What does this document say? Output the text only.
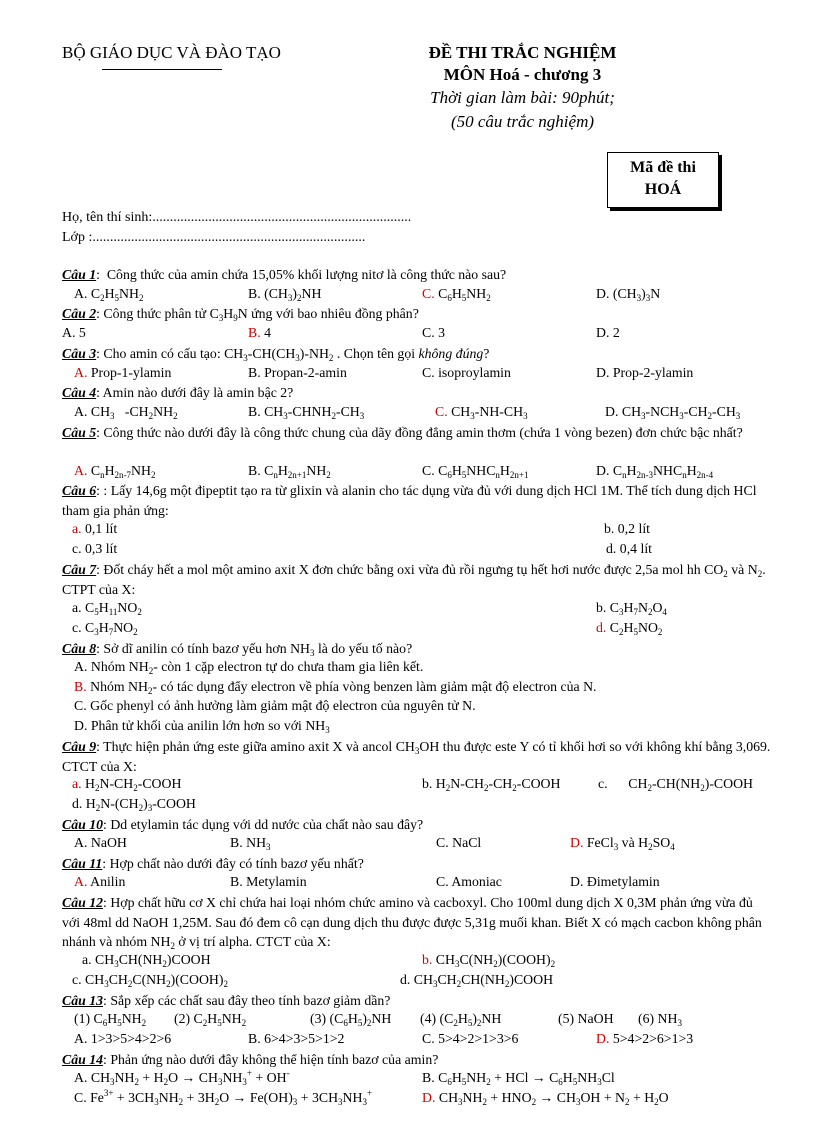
BỘ GIÁO DỤC VÀ ĐÀO TẠO	ĐỀ THI TRẮC NGHIỆM
MÔN Hoá - chương 3
Thời gian làm bài: 90phút;
(50 câu trắc nghiệm)
Mã đề thi
HOÁ
Họ, tên thí sinh:..........................................................................
Lớp :..............................................................................
Câu 1:  Công thức của amin chứa 15,05% khối lượng nitơ là công thức nào sau?
A. $C_2H_5NH_2$	B. $(CH_3)_2NH$	C. $C_6H_5NH_2$	D. $(CH_3)_3N$
Câu 2: Công thức phân tử $C_3H_9N$ ứng với bao nhiêu đồng phân?
A. 5	B. 4	C. 3	D. 2
Câu 3: Cho amin có cấu tạo: $CH_3-CH(CH_3)-NH_2$ . Chọn tên gọi không đúng?
A. Prop-1-ylamin	B. Propan-2-amin	C. isoproylamin	D. Prop-2-ylamin
Câu 4: Amin nào dưới đây là amin bậc 2?
A. $CH_3$   $-CH_2NH_2$	B. $CH_3-CHNH_2-CH_3$	C. $CH_3-NH-CH_3$	D. $CH_3-NCH_3-CH_2-CH_3$
Câu 5: Công thức nào dưới đây là công thức chung của dãy đồng đẳng amin thơm (chứa 1 vòng bezen) đơn chức bậc nhất?
A. $C_nH_{2n-7}NH_2$	B. $C_nH_{2n+1}NH_2$	C. $C_6H_5NHC_nH_{2n+1}$	D. $C_nH_{2n-3}NHC_nH_{2n-4}$
Câu 6: : Lấy 14,6g một đipeptit tạo ra từ glixin và alanin cho tác dụng vừa đủ với dung dịch HCl 1M. Thể tích dung dịch HCl tham gia phản ứng:
a. 0,1 lít	b. 0,2 lít
c. 0,3 lít	d. 0,4 lít
Câu 7: Đốt cháy hết a mol một amino axit X đơn chức bằng oxi vừa đủ rồi ngưng tụ hết hơi nước được 2,5a mol hh $CO_2$ và $N_2$. CTPT của X:
a. $C_5H_{11}NO_2$	b. $C_3H_7N_2O_4$
c. $C_3H_7NO_2$	d. $C_2H_5NO_2$
Câu 8: Sở dĩ anilin có tính bazơ yếu hơn $NH_3$ là do yếu tố nào?
A. Nhóm $NH_2-$ còn 1 cặp electron tự do chưa tham gia liên kết.
B. Nhóm $NH_2-$ có tác dụng đẩy electron về phía vòng benzen làm giảm mật độ electron của N.
C. Gốc phenyl có ảnh hưởng làm giảm mật độ electron của nguyên tử N.
D. Phân tử khối của anilin lớn hơn so với $NH_3$
Câu 9: Thực hiện phản ứng este giữa amino axit X và ancol $CH_3OH$ thu được este Y có tỉ khối hơi so với không khí bằng 3,069. CTCT của X:
a. $H_2N-CH_2$-COOH	b. $H_2N-CH_2-CH_2$-COOH	c.      $CH_2-CH(NH_2)$-COOH
d. $H_2N-(CH_2)_3$-COOH
Câu 10: Dd etylamin tác dụng với dd nước của chất nào sau đây?
A. NaOH	B. $NH_3$	C. NaCl	D. FeCl$_3$ và $H_2SO_4$
Câu 11: Hợp chất nào dưới đây có tính bazơ yếu nhất?
A. Anilin	B. Metylamin	C. Amoniac	D. Đimetylamin
Câu 12: Hợp chất hữu cơ X chỉ chứa hai loại nhóm chức amino và cacboxyl. Cho 100ml dung dịch X 0,3M phản ứng vừa đủ với 48ml dd NaOH 1,25M. Sau đó đem cô cạn dung dịch thu được được 5,31g muối khan. Biết X có mạch cacbon không phân nhánh và nhóm $NH_2$ ở vị trí alpha. CTCT của X:
a. $CH_3CH(NH_2)COOH$	b. $CH_3C(NH_2)(COOH)_2$
c. $CH_3CH_2C(NH_2)(COOH)_2$	d. $CH_3CH_2CH(NH_2)COOH$
Câu 13: Sắp xếp các chất sau đây theo tính bazơ giảm dần?
(1) $C_6H_5NH_2$ (2) $C_2H_5NH_2$	(3) $(C_6H_5)_2NH$ (4) $(C_2H_5)_2NH$	(5) NaOH (6) $NH_3$
A. 1>3>5>4>2>6	B. 6>4>3>5>1>2	C. 5>4>2>1>3>6	D. 5>4>2>6>1>3
Câu 14: Phản ứng nào dưới đây không thể hiện tính bazơ của amin?
A. $CH_3NH_2 + H_2O \to CH_3NH_3^+ + OH^-$	B. $C_6H_5NH_2$ + HCl → $C_6H_5NH_3Cl$
C. $Fe^{3+} + 3CH_3NH_2 + 3H_2O \to Fe(OH)_3 + 3CH_3NH_3^+$	D. $CH_3NH_2 + HNO_2 \to CH_3OH + N_2 + H_2O$
